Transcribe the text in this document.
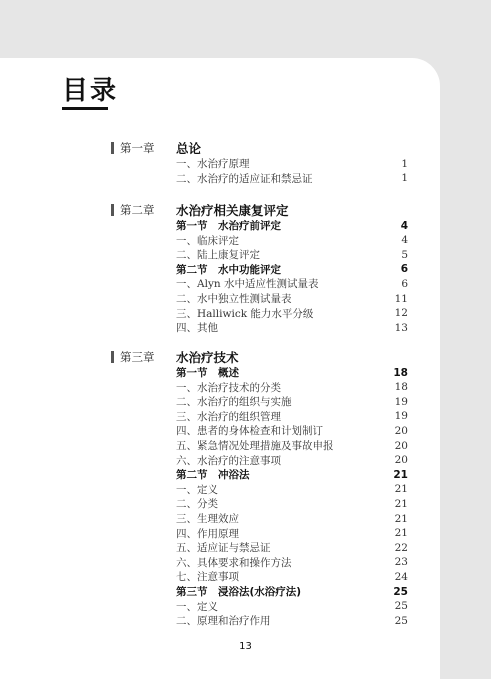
目录
第一章 总论
一、水治疗原理	1
二、水治疗的适应证和禁忌证	1
第二章 水治疗相关康复评定
第一节　水治疗前评定	4
一、临床评定	4
二、陆上康复评定	5
第二节　水中功能评定	6
一、Alyn 水中适应性测试量表	6
二、水中独立性测试量表	11
三、Halliwick 能力水平分级	12
四、其他	13
第三章 水治疗技术
第一节　概述	18
一、水治疗技术的分类	18
二、水治疗的组织与实施	19
三、水治疗的组织管理	19
四、患者的身体检查和计划制订	20
五、紧急情况处理措施及事故申报	20
六、水治疗的注意事项	20
第二节　冲浴法	21
一、定义	21
二、分类	21
三、生理效应	21
四、作用原理	21
五、适应证与禁忌证	22
六、具体要求和操作方法	23
七、注意事项	24
第三节　浸浴法(水浴疗法)	25
一、定义	25
二、原理和治疗作用	25
13
